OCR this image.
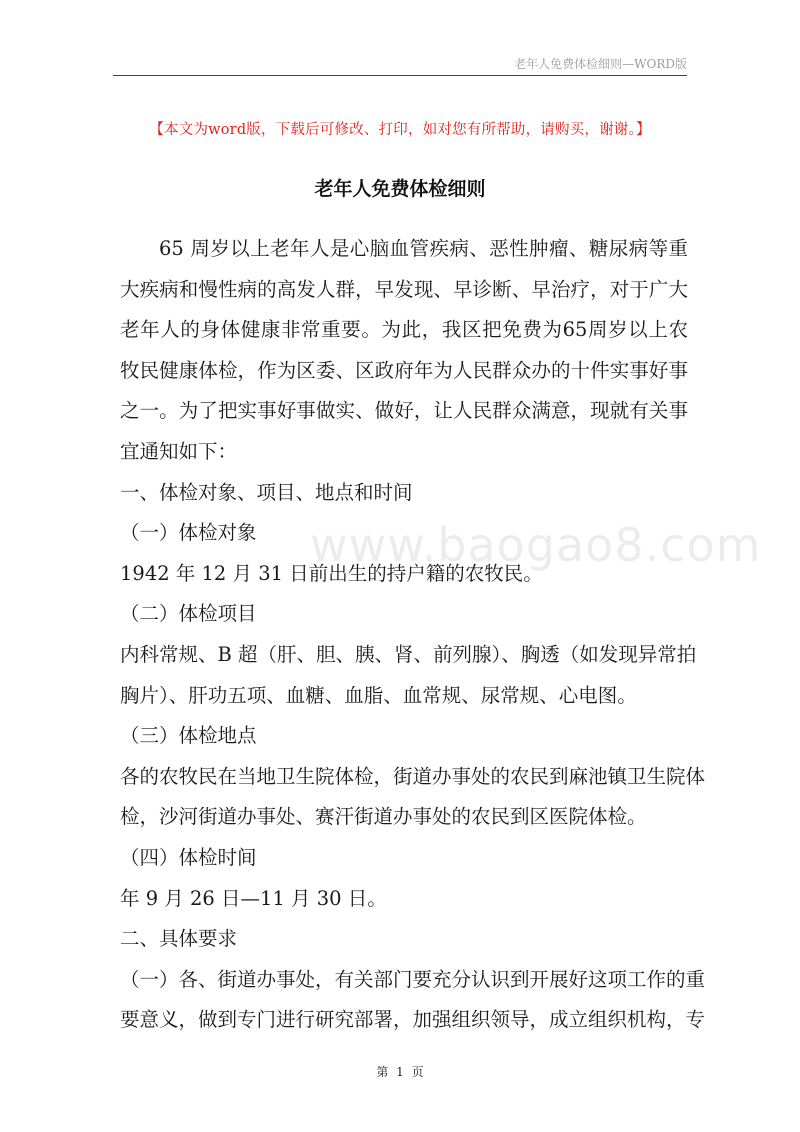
老年人免费体检细则—WORD版
【本文为word版，下载后可修改、打印，如对您有所帮助，请购买，谢谢。】
老年人免费体检细则
www.baogao8.com

65 周岁以上老年人是心脑血管疾病、恶性肿瘤、糖尿病等重大疾病和慢性病的高发人群，早发现、早诊断、早治疗，对于广大老年人的身体健康非常重要。为此，我区把免费为65周岁以上农牧民健康体检，作为区委、区政府年为人民群众办的十件实事好事之一。为了把实事好事做实、做好，让人民群众满意，现就有关事宜通知如下：

一、体检对象、项目、地点和时间

（一）体检对象

1942 年 12 月 31 日前出生的持户籍的农牧民。

（二）体检项目

内科常规、B 超（肝、胆、胰、肾、前列腺）、胸透（如发现异常拍

胸片）、肝功五项、血糖、血脂、血常规、尿常规、心电图。

（三）体检地点

各的农牧民在当地卫生院体检，街道办事处的农民到麻池镇卫生院体

检，沙河街道办事处、赛汗街道办事处的农民到区医院体检。

（四）体检时间

年 9 月 26 日—11 月 30 日。

二、具体要求

（一）各、街道办事处，有关部门要充分认识到开展好这项工作的重

要意义，做到专门进行研究部署，加强组织领导，成立组织机构，专

第 1 页
